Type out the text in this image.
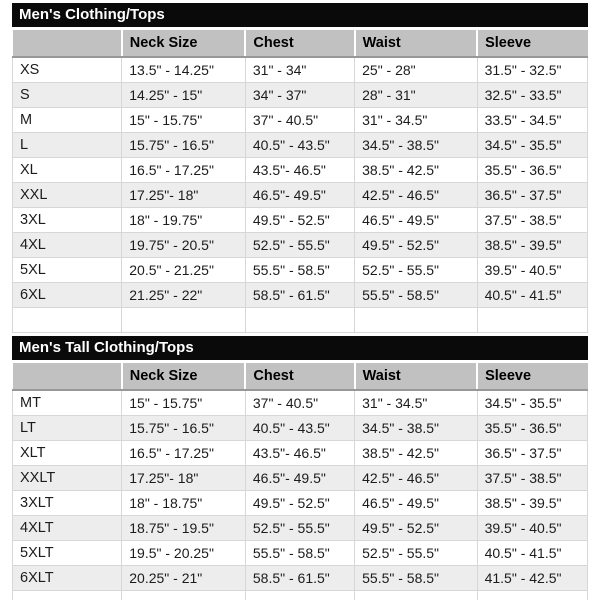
Men's Clothing/Tops
	Neck Size	Chest	Waist	Sleeve
XS	13.5" - 14.25"	31" - 34"	25" - 28"	31.5" - 32.5"
S	14.25" - 15"	34" - 37"	28" - 31"	32.5" - 33.5"
M	15" - 15.75"	37" - 40.5"	31" - 34.5"	33.5" - 34.5"
L	15.75" - 16.5"	40.5" - 43.5"	34.5" - 38.5"	34.5" - 35.5"
XL	16.5" - 17.25"	43.5"- 46.5"	38.5" - 42.5"	35.5" - 36.5"
XXL	17.25"- 18"	46.5"- 49.5"	42.5" - 46.5"	36.5" - 37.5"
3XL	18" - 19.75"	49.5" - 52.5"	46.5" - 49.5"	37.5" - 38.5"
4XL	19.75" - 20.5"	52.5" - 55.5"	49.5" - 52.5"	38.5" - 39.5"
5XL	20.5" - 21.25"	55.5" - 58.5"	52.5" - 55.5"	39.5" - 40.5"
6XL	21.25" - 22"	58.5" - 61.5"	55.5" - 58.5"	40.5" - 41.5"

Men's Tall Clothing/Tops
	Neck Size	Chest	Waist	Sleeve
MT	15" - 15.75"	37" - 40.5"	31" - 34.5"	34.5" - 35.5"
LT	15.75" - 16.5"	40.5" - 43.5"	34.5" - 38.5"	35.5" - 36.5"
XLT	16.5" - 17.25"	43.5"- 46.5"	38.5" - 42.5"	36.5" - 37.5"
XXLT	17.25"- 18"	46.5"- 49.5"	42.5" - 46.5"	37.5" - 38.5"
3XLT	18" - 18.75"	49.5" - 52.5"	46.5" - 49.5"	38.5" - 39.5"
4XLT	18.75" - 19.5"	52.5" - 55.5"	49.5" - 52.5"	39.5" - 40.5"
5XLT	19.5" - 20.25"	55.5" - 58.5"	52.5" - 55.5"	40.5" - 41.5"
6XLT	20.25" - 21"	58.5" - 61.5"	55.5" - 58.5"	41.5" - 42.5"
